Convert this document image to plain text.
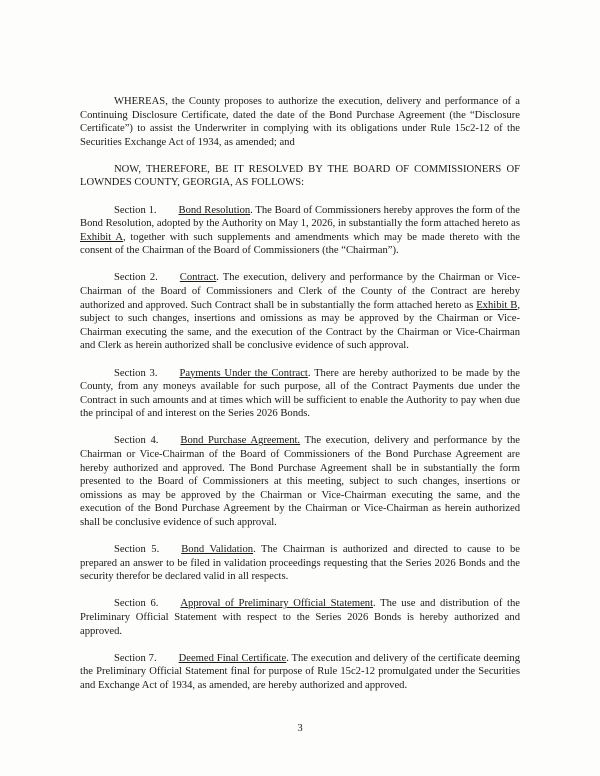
WHEREAS, the County proposes to authorize the execution, delivery and performance of a Continuing Disclosure Certificate, dated the date of the Bond Purchase Agreement (the “Disclosure Certificate”) to assist the Underwriter in complying with its obligations under Rule 15c2-12 of the Securities Exchange Act of 1934, as amended; and

NOW, THEREFORE, BE IT RESOLVED BY THE BOARD OF COMMISSIONERS OF LOWNDES COUNTY, GEORGIA, AS FOLLOWS:

Section 1. Bond Resolution. The Board of Commissioners hereby approves the form of the Bond Resolution, adopted by the Authority on May 1, 2026, in substantially the form attached hereto as Exhibit A, together with such supplements and amendments which may be made thereto with the consent of the Chairman of the Board of Commissioners (the “Chairman”).

Section 2. Contract. The execution, delivery and performance by the Chairman or Vice-Chairman of the Board of Commissioners and Clerk of the County of the Contract are hereby authorized and approved. Such Contract shall be in substantially the form attached hereto as Exhibit B, subject to such changes, insertions and omissions as may be approved by the Chairman or Vice-Chairman executing the same, and the execution of the Contract by the Chairman or Vice-Chairman and Clerk as herein authorized shall be conclusive evidence of such approval.

Section 3. Payments Under the Contract. There are hereby authorized to be made by the County, from any moneys available for such purpose, all of the Contract Payments due under the Contract in such amounts and at times which will be sufficient to enable the Authority to pay when due the principal of and interest on the Series 2026 Bonds.

Section 4. Bond Purchase Agreement. The execution, delivery and performance by the Chairman or Vice-Chairman of the Board of Commissioners of the Bond Purchase Agreement are hereby authorized and approved. The Bond Purchase Agreement shall be in substantially the form presented to the Board of Commissioners at this meeting, subject to such changes, insertions or omissions as may be approved by the Chairman or Vice-Chairman executing the same, and the execution of the Bond Purchase Agreement by the Chairman or Vice-Chairman as herein authorized shall be conclusive evidence of such approval.

Section 5. Bond Validation. The Chairman is authorized and directed to cause to be prepared an answer to be filed in validation proceedings requesting that the Series 2026 Bonds and the security therefor be declared valid in all respects.

Section 6. Approval of Preliminary Official Statement. The use and distribution of the Preliminary Official Statement with respect to the Series 2026 Bonds is hereby authorized and approved.

Section 7. Deemed Final Certificate. The execution and delivery of the certificate deeming the Preliminary Official Statement final for purpose of Rule 15c2-12 promulgated under the Securities and Exchange Act of 1934, as amended, are hereby authorized and approved.

3
